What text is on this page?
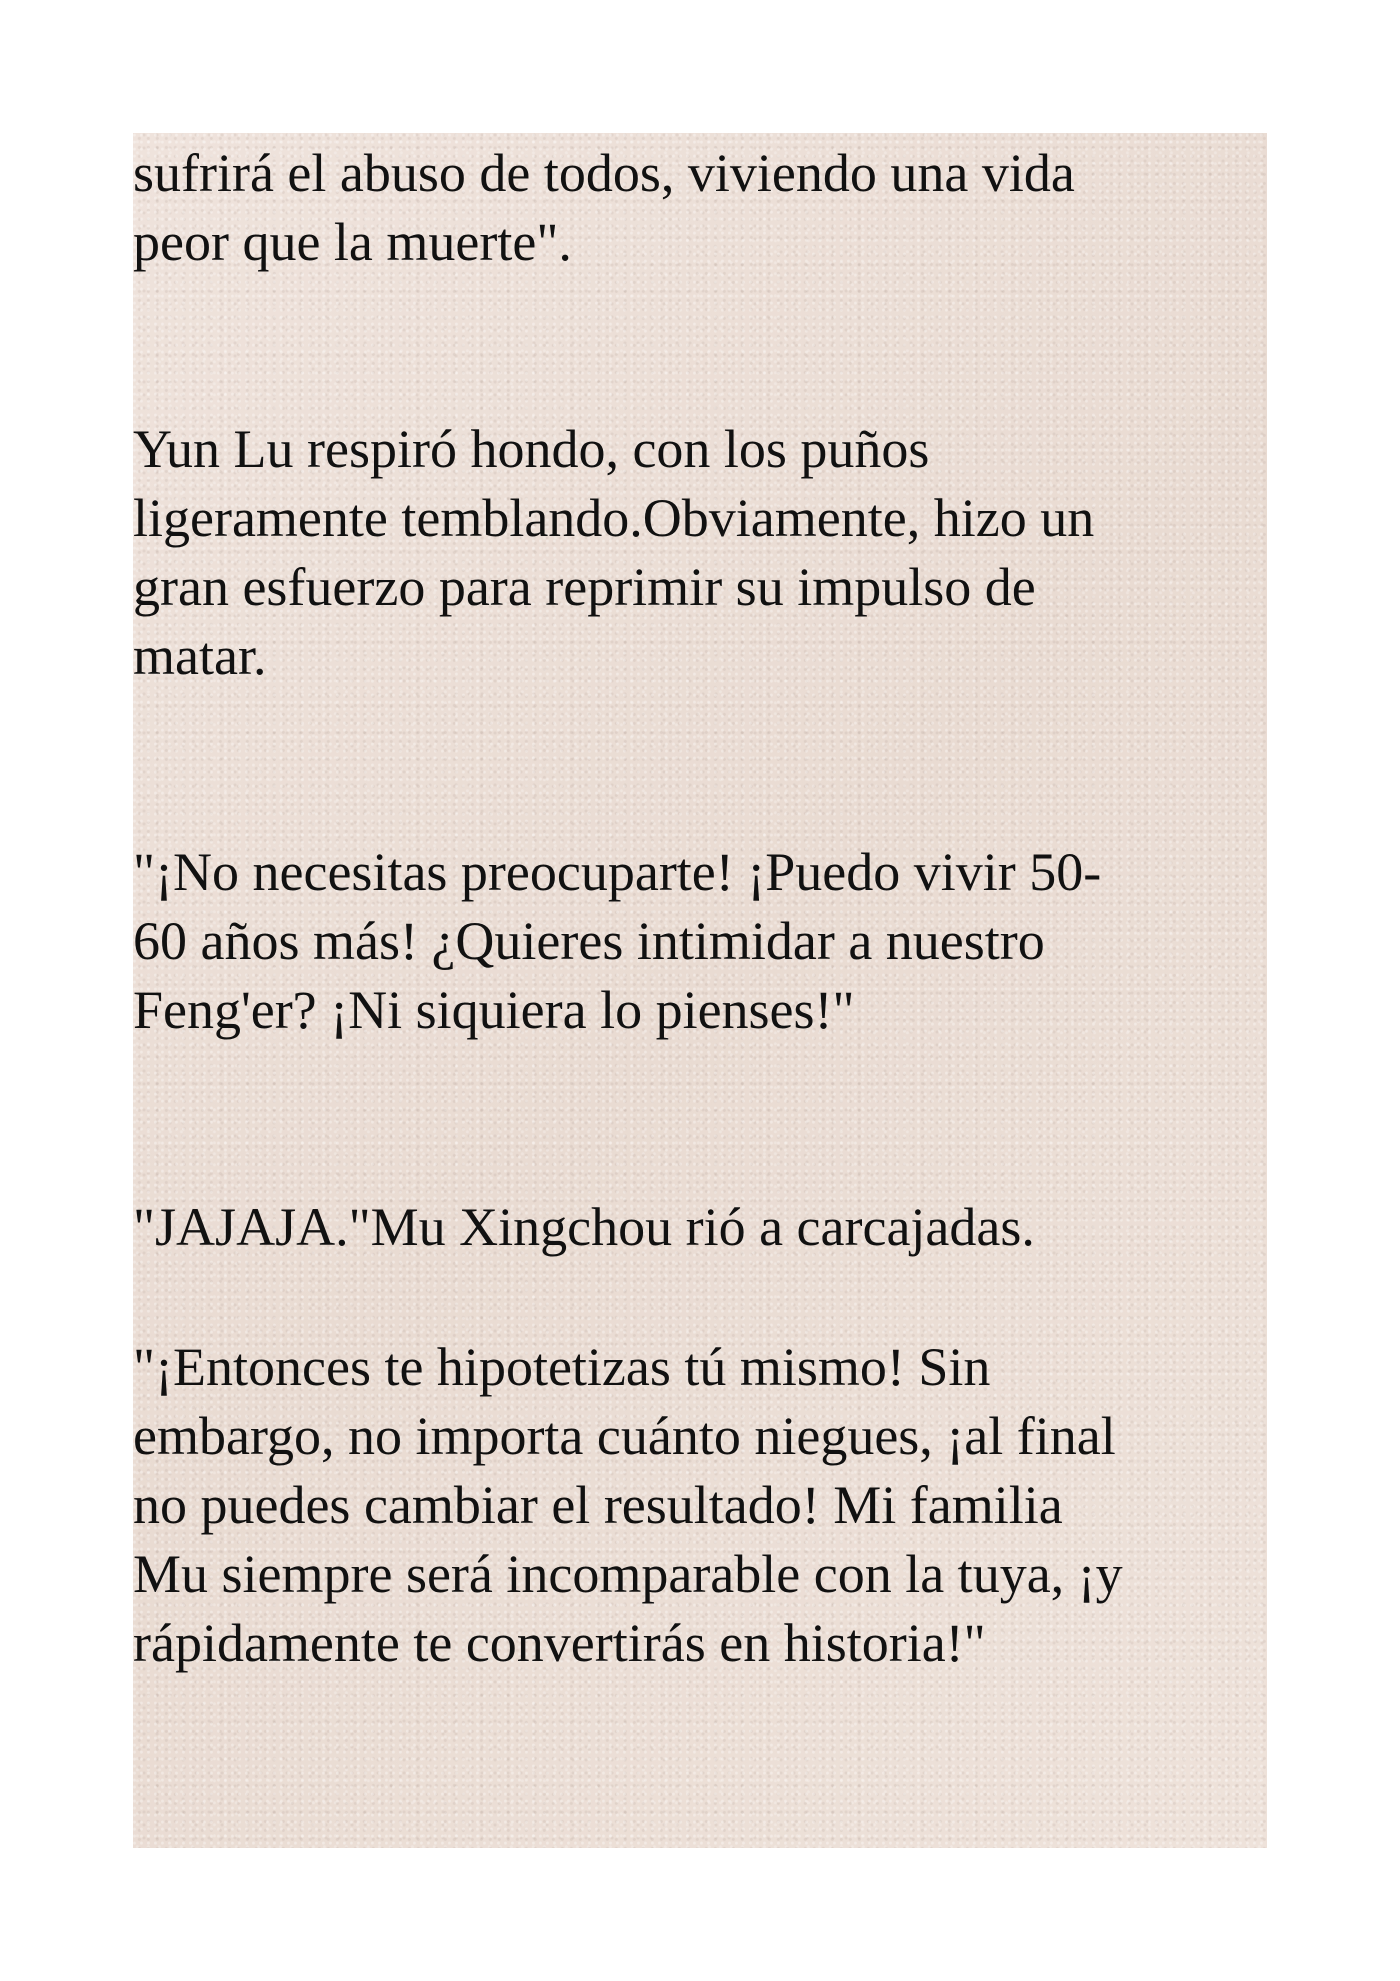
sufrirá el abuso de todos, viviendo una vida
peor que la muerte".

Yun Lu respiró hondo, con los puños
ligeramente temblando.Obviamente, hizo un
gran esfuerzo para reprimir su impulso de
matar.

"¡No necesitas preocuparte! ¡Puedo vivir 50-
60 años más! ¿Quieres intimidar a nuestro
Feng'er? ¡Ni siquiera lo pienses!"

"JAJAJA."Mu Xingchou rió a carcajadas.

"¡Entonces te hipotetizas tú mismo! Sin
embargo, no importa cuánto niegues, ¡al final
no puedes cambiar el resultado! Mi familia
Mu siempre será incomparable con la tuya, ¡y
rápidamente te convertirás en historia!"
